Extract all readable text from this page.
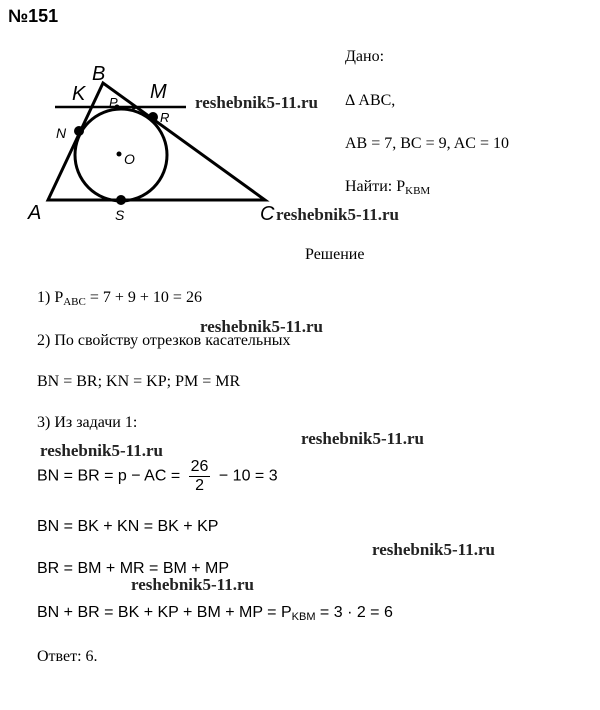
№151
B
K	M
P
R
N
O
A	S	C
Дано:
Δ ABC,
AB = 7, BC = 9, AC = 10
Найти: $P_{KBM}$
reshebnik5-11.ru
reshebnik5-11.ru
reshebnik5-11.ru
reshebnik5-11.ru
reshebnik5-11.ru
reshebnik5-11.ru
reshebnik5-11.ru
Решение
1) $P_{ABC} = 7 + 9 + 10 = 26$
2) По свойству отрезков касательных
BN = BR; KN = KP; PM = MR
3) Из задачи 1:
BN = BR = p − AC = $\frac{26}{2} - 10 = 3$
BN = BK + KN = BK + KP
BR = BM + MR = BM + MP
BN + BR = BK + KP + BM + MP = $P_{KBM} = 3 \cdot 2 = 6$
Ответ: 6.
